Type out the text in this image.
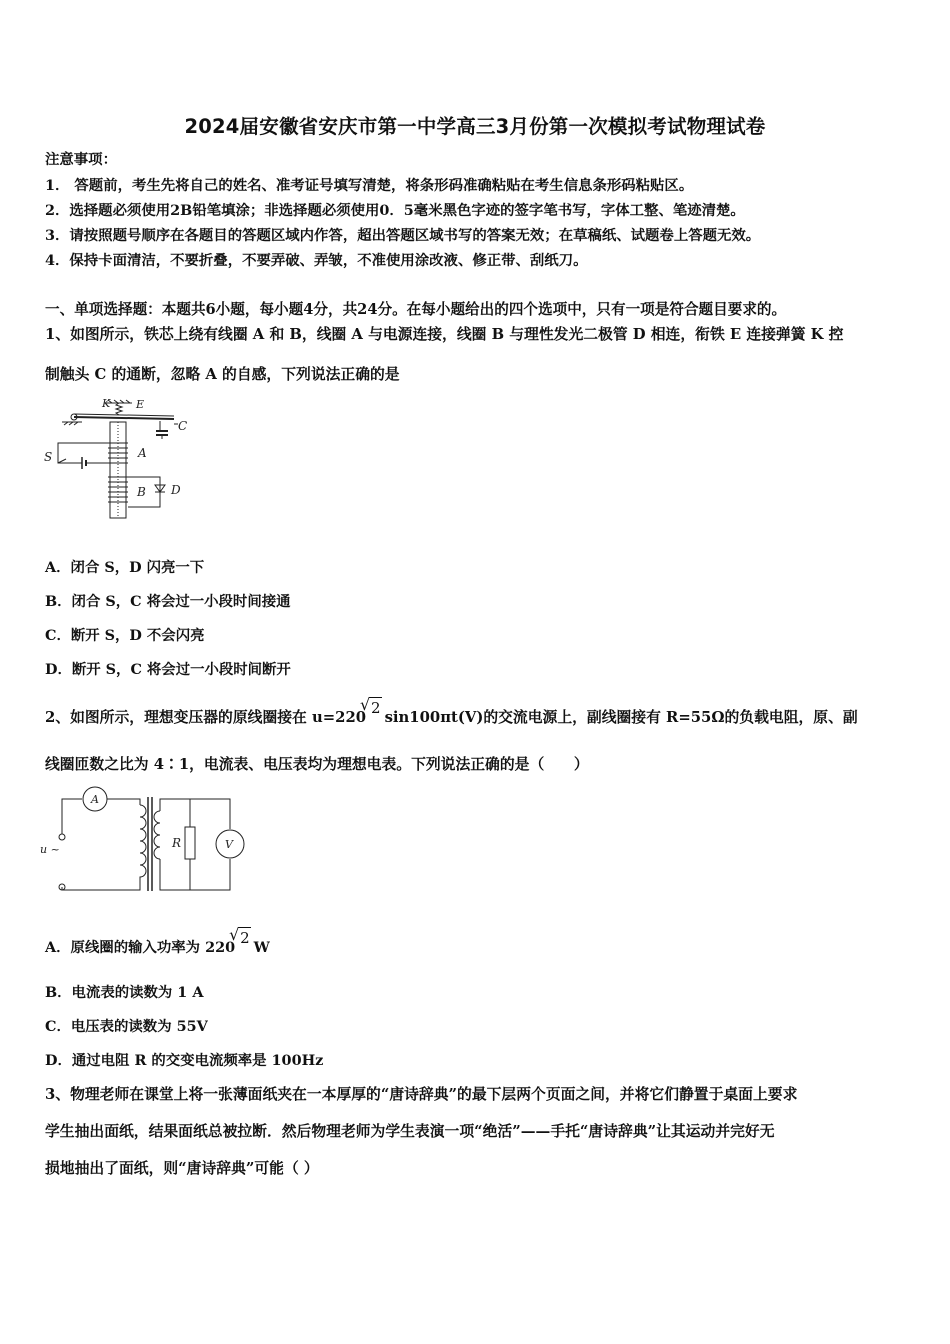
2024届安徽省安庆市第一中学高三3月份第一次模拟考试物理试卷
注意事项：
1． 答题前，考生先将自己的姓名、准考证号填写清楚，将条形码准确粘贴在考生信息条形码粘贴区。
2．选择题必须使用2B铅笔填涂；非选择题必须使用0．5毫米黑色字迹的签字笔书写，字体工整、笔迹清楚。
3．请按照题号顺序在各题目的答题区域内作答，超出答题区域书写的答案无效；在草稿纸、试题卷上答题无效。
4．保持卡面清洁，不要折叠，不要弄破、弄皱，不准使用涂改液、修正带、刮纸刀。
一、单项选择题：本题共6小题，每小题4分，共24分。在每小题给出的四个选项中，只有一项是符合题目要求的。
1、如图所示，铁芯上绕有线圈 A 和 B，线圈 A 与电源连接，线圈 B 与理性发光二极管 D 相连，衔铁 E 连接弹簧 K 控
制触头 C 的通断，忽略 A 的自感，下列说法正确的是
K E
C
S	A
B D
A．闭合 S，D 闪亮一下
B．闭合 S，C 将会过一小段时间接通
C．断开 S，D 不会闪亮
D．断开 S，C 将会过一小段时间断开
2、如图所示，理想变压器的原线圈接在 u=220√ 2sin100πt(V)的交流电源上，副线圈接有 R=55Ω的负载电阻，原、副
线圈匝数之比为 4∶1，电流表、电压表均为理想电表。下列说法正确的是（　　）
A
V
R
u ~
A．原线圈的输入功率为 220√ 2W
B．电流表的读数为 1 A
C．电压表的读数为 55V
D．通过电阻 R 的交变电流频率是 100Hz
3、物理老师在课堂上将一张薄面纸夹在一本厚厚的“唐诗辞典”的最下层两个页面之间，并将它们静置于桌面上要求
学生抽出面纸，结果面纸总被拉断．然后物理老师为学生表演一项“绝活”——手托“唐诗辞典”让其运动并完好无
损地抽出了面纸，则“唐诗辞典”可能（ ）
